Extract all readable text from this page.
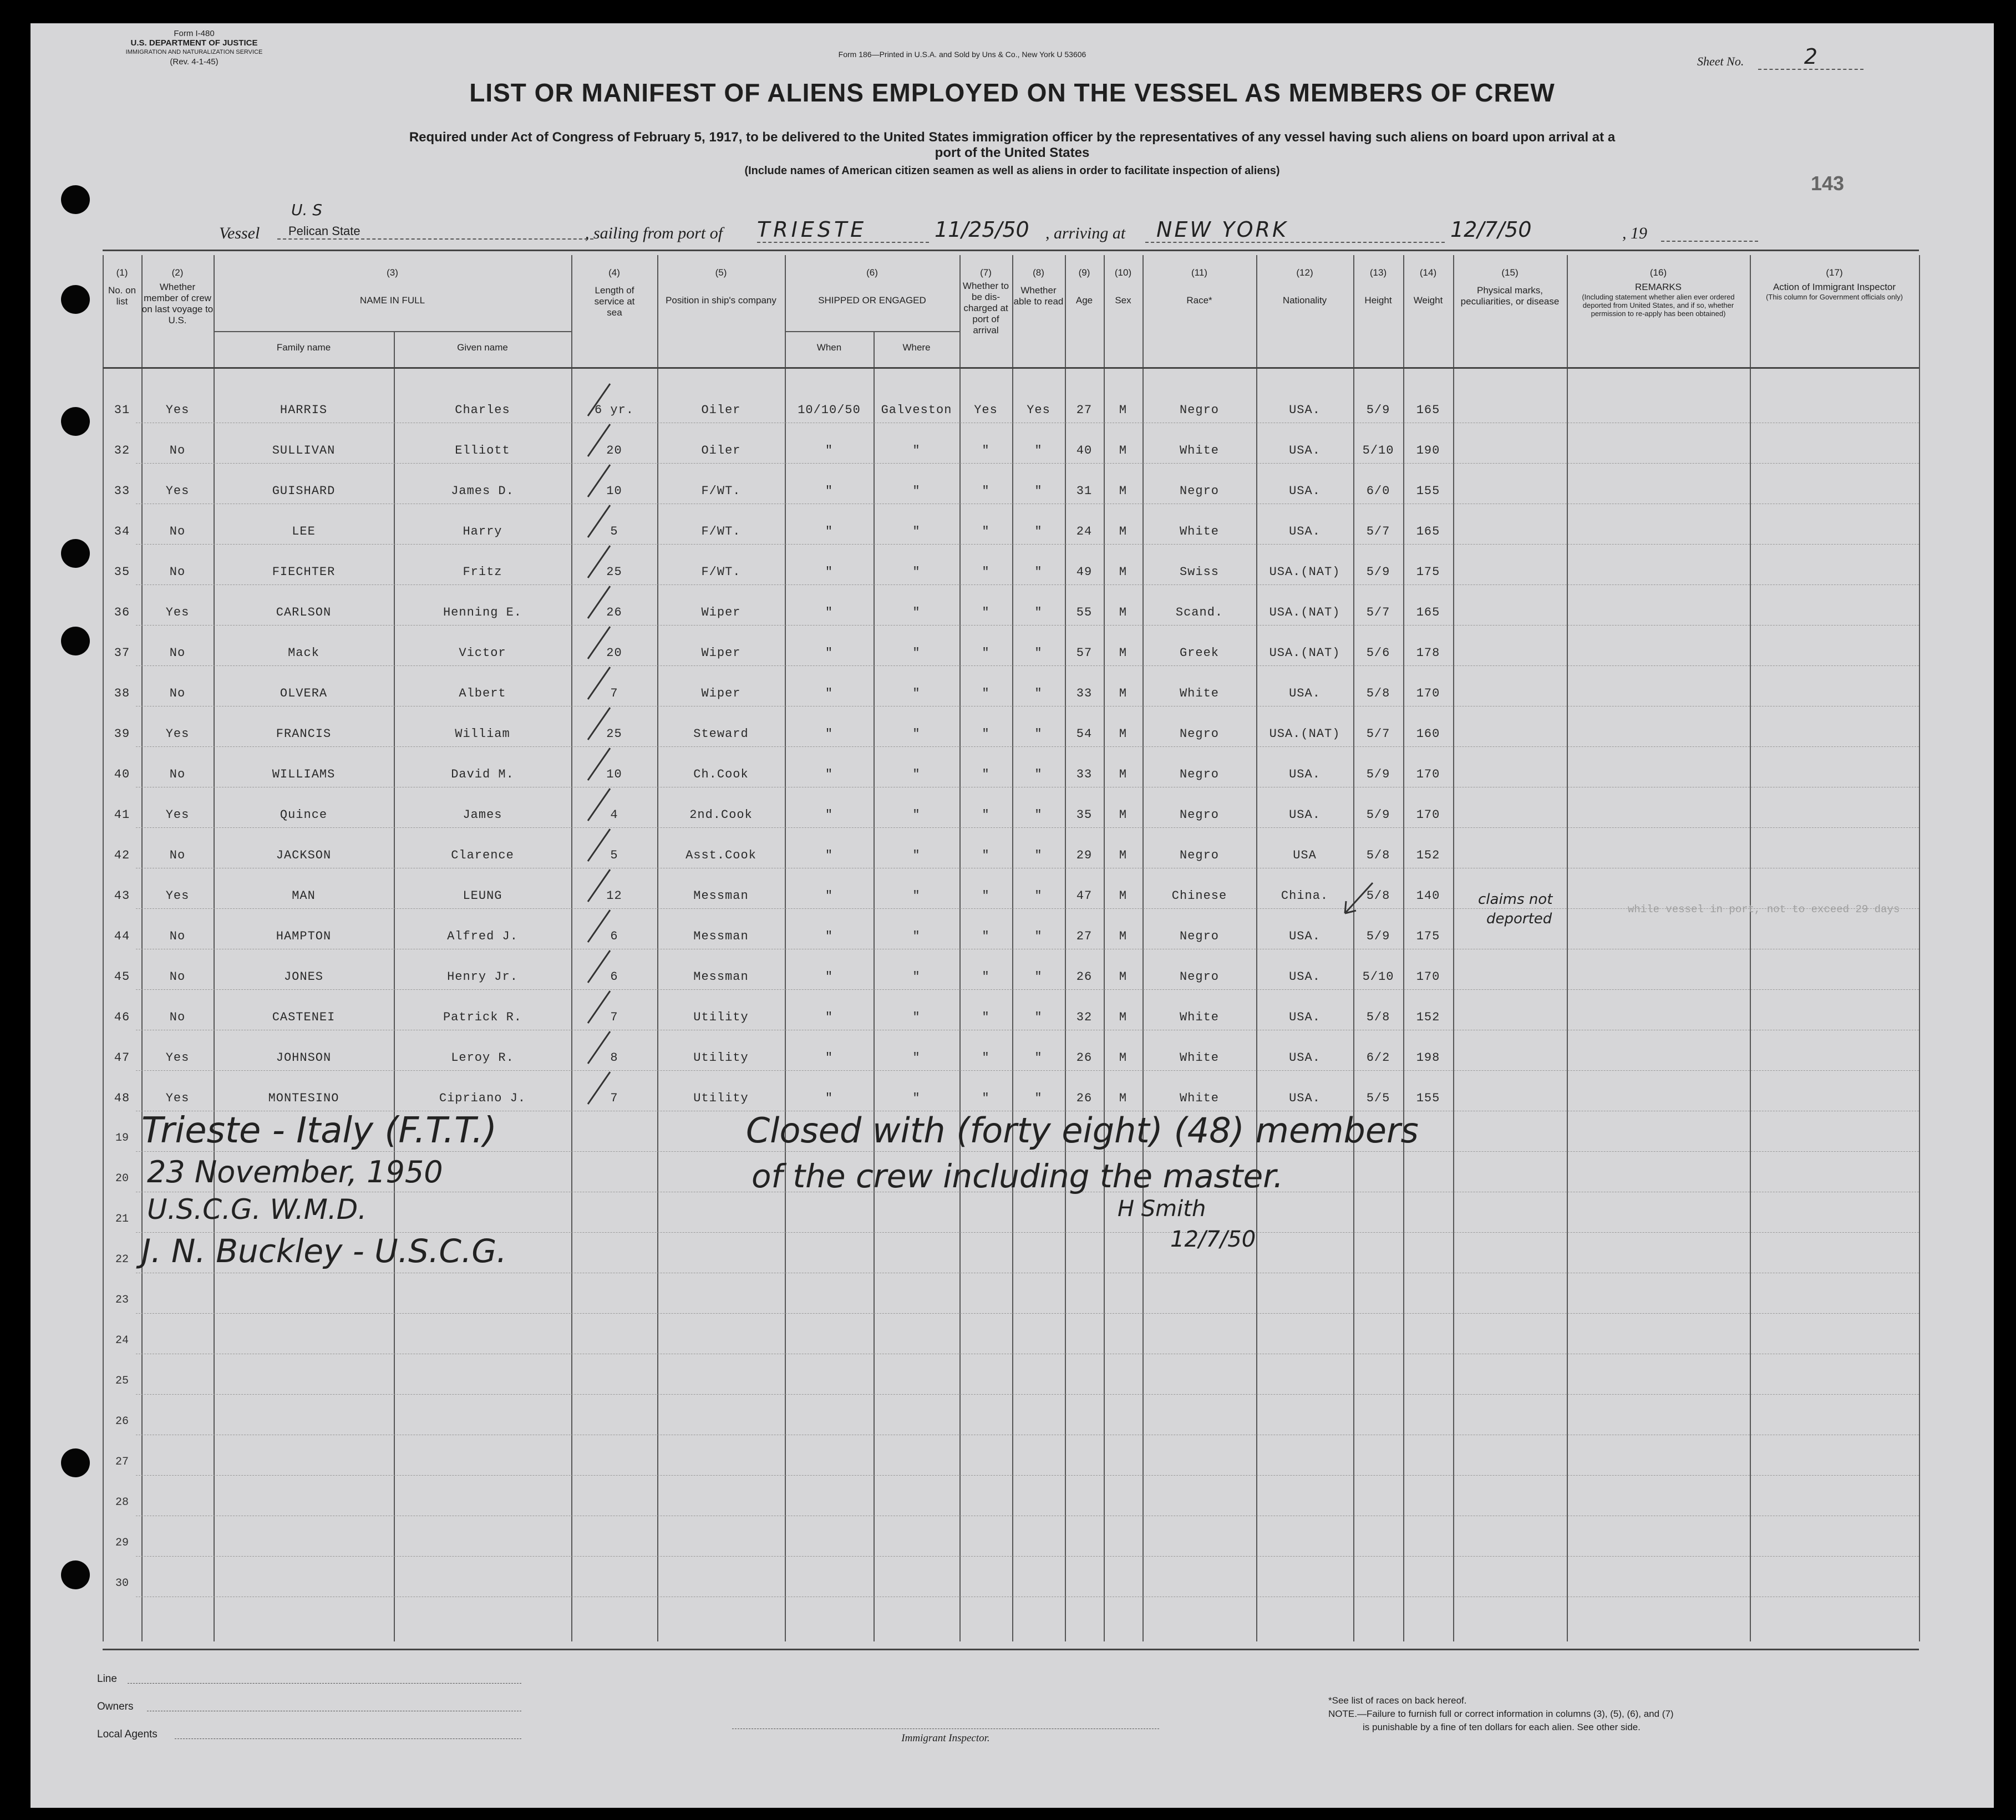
Form I-480
U.S. DEPARTMENT OF JUSTICE
IMMIGRATION AND NATURALIZATION SERVICE
(Rev. 4-1-45)
Form 186—Printed in U.S.A. and Sold by Uns & Co., New York U 53606	Sheet No.	2
LIST OR MANIFEST OF ALIENS EMPLOYED ON THE VESSEL AS MEMBERS OF CREW
Required under Act of Congress of February 5, 1917, to be delivered to the United States immigration officer by the representatives of any vessel having such aliens on board upon arrival at a
port of the United States
(Include names of American citizen seamen as well as aliens in order to facilitate inspection of aliens)
143
U. S
Vessel	Pelican State	, sailing from port of TRIESTE	11/25/50 , arriving at	NEW YORK	12/7/50	, 19
(1)
No. on list
(2)
Whether member of crew on last voyage to U.S.
(3)
NAME IN FULL
Family name	Given name
(4)
Length of service at sea
(5)
Position in ship's company
(6)
SHIPPED OR ENGAGED
When	Where
(7)
Whether to be dis-charged at port of arrival
(8)
Whether able to read
(9)
Age
(10)
Sex
(11)
Race*
(12)
Nationality
(13)
Height
(14)
Weight
(15)
Physical marks, peculiarities, or disease
(16)
REMARKS
(Including statement whether alien ever ordered deported from United States, and if so, whether permission to re-apply has been obtained)
(17)
Action of Immigrant Inspector
(This column for Government officials only)
31	Yes	HARRIS	Charles	6 yr.	Oiler	10/10/50	Galveston	Yes	Yes	27	M	Negro	USA.	5/9	165
32	No	SULLIVAN	Elliott	20	Oiler	"	"	"	"	40	M	White	USA.	5/10	190
33	Yes	GUISHARD	James D.	10	F/WT.	"	"	"	"	31	M	Negro	USA.	6/0	155
34	No	LEE	Harry	5	F/WT.	"	"	"	"	24	M	White	USA.	5/7	165
35	No	FIECHTER	Fritz	25	F/WT.	"	"	"	"	49	M	Swiss	USA.(NAT)	5/9	175
36	Yes	CARLSON	Henning E.	26	Wiper	"	"	"	"	55	M	Scand.	USA.(NAT)	5/7	165
37	No	Mack	Victor	20	Wiper	"	"	"	"	57	M	Greek	USA.(NAT)	5/6	178
38	No	OLVERA	Albert	7	Wiper	"	"	"	"	33	M	White	USA.	5/8	170
39	Yes	FRANCIS	William	25	Steward	"	"	"	"	54	M	Negro	USA.(NAT)	5/7	160
40	No	WILLIAMS	David M.	10	Ch.Cook	"	"	"	"	33	M	Negro	USA.	5/9	170
41	Yes	Quince	James	4	2nd.Cook	"	"	"	"	35	M	Negro	USA.	5/9	170
42	No	JACKSON	Clarence	5	Asst.Cook	"	"	"	"	29	M	Negro	USA	5/8	152
43	Yes	MAN	LEUNG	12	Messman	"	"	"	"	47	M	Chinese	China.	5/8	140
44	No	HAMPTON	Alfred J.	6	Messman	"	"	"	"	27	M	Negro	USA.	5/9	175
45	No	JONES	Henry Jr.	6	Messman	"	"	"	"	26	M	Negro	USA.	5/10	170
46	No	CASTENEI	Patrick R.	7	Utility	"	"	"	"	32	M	White	USA.	5/8	152
47	Yes	JOHNSON	Leroy R.	8	Utility	"	"	"	"	26	M	White	USA.	6/2	198
48	Yes	MONTESINO	Cipriano J.	7	Utility	"	"	"	"	26	M	White	USA.	5/5	155
19
20
21
22
23
24
25
26
27
28
29
30
claims not
deported
while vessel in port, not to exceed 29 days
Trieste - Italy (F.T.T.)
23 November, 1950
U.S.C.G. W.M.D.
J. N. Buckley - U.S.C.G.
Closed with (forty eight) (48) members
of the crew including the master.
H Smith
12/7/50
Line
Owners
Local Agents	Immigrant Inspector.
*See list of races on back hereof.
NOTE.—Failure to furnish full or correct information in columns (3), (5), (6), and (7)
is punishable by a fine of ten dollars for each alien. See other side.
